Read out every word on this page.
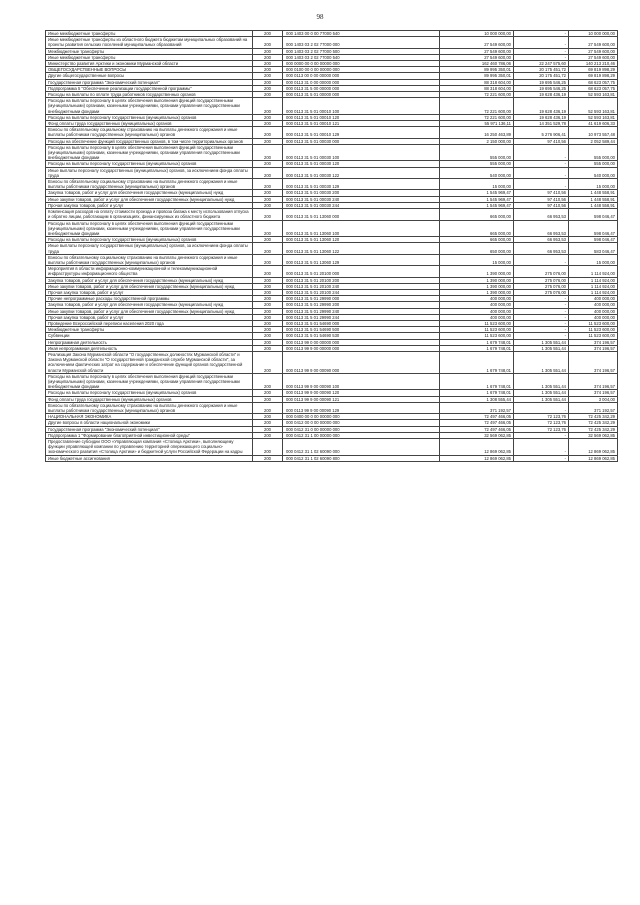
98
Иные межбюджетные трансферты	200	000 1403 00 0 00 77000 540	10 000 000,00	-	10 000 000,00
Иные межбюджетные трансферты из областного бюджета бюджетам муниципальных образований на проекты развития сельских поселений муниципальных образований	200	000 1403 03 2 02 77000 000	27 549 600,00	-	27 549 600,00
Межбюджетные трансферты	200	000 1403 03 2 02 77000 500	27 549 600,00	-	27 549 600,00
Иные межбюджетные трансферты	200	000 1403 03 2 02 77000 540	27 549 600,00	-	27 549 600,00
Министерство развития Арктики и экономики Мурманской области	200	000 0000 00 0 00 00000 000	162 460 786,06	22 247 575,60	140 213 210,46
ОБЩЕГОСУДАРСТВЕННЫЕ ВОПРОСЫ	200	000 0100 00 0 00 00000 000	89 995 350,01	20 175 451,72	69 819 898,29
Другие общегосударственные вопросы	200	000 0113 00 0 00 00000 000	89 995 350,01	20 175 451,72	69 819 898,29
Государственная программа "Экономический потенциал"	200	000 0113 31 0 00 00000 000	88 318 604,00	19 695 546,25	68 623 057,75
Подпрограмма 5 "Обеспечение реализации государственной программы"	200	000 0113 31 5 00 00000 000	88 318 604,00	19 695 546,25	68 623 057,75
Расходы на выплаты по оплате труда работников государственных органов	200	000 0113 31 5 01 00000 000	72 221 600,00	19 628 436,19	52 593 163,81
Расходы на выплаты персоналу в целях обеспечения выполнения функций государственными (муниципальными) органами, казенными учреждениями, органами управления государственными внебюджетными фондами	200	000 0113 31 5 01 00010 100	72 221 600,00	19 628 436,19	52 593 163,81
Расходы на выплаты персоналу государственных (муниципальных) органов	200	000 0113 31 5 01 00010 120	72 221 600,00	19 628 436,19	52 593 163,81
Фонд оплаты труда государственных (муниципальных) органов	200	000 0113 31 5 01 00010 121	55 971 136,11	14 351 529,78	41 619 606,33
Взносы по обязательному социальному страхованию на выплаты денежного содержания и иные выплаты работникам государственных (муниципальных) органов	200	000 0113 31 5 01 00010 129	16 250 463,89	5 276 906,41	10 973 557,48
Расходы на обеспечение функций государственных органов, в том числе территориальных органов	200	000 0113 31 5 01 00030 000	2 150 000,00	97 410,56	2 052 589,44
Расходы на выплаты персоналу в целях обеспечения выполнения функций государственными (муниципальными) органами, казенными учреждениями, органами управления государственными внебюджетными фондами	200	000 0113 31 5 01 00030 100	555 000,00	-	555 000,00
Расходы на выплаты персоналу государственных (муниципальных) органов	200	000 0113 31 5 01 00030 120	555 000,00	-	555 000,00
Иные выплаты персоналу государственных (муниципальных) органов, за исключением фонда оплаты труда	200	000 0113 31 5 01 00030 122	540 000,00	-	540 000,00
Взносы по обязательному социальному страхованию на выплаты денежного содержания и иные выплаты работникам государственных (муниципальных) органов	200	000 0113 31 5 01 00030 129	15 000,00	-	15 000,00
Закупка товаров, работ и услуг для обеспечения государственных (муниципальных) нужд	200	000 0113 31 5 01 00030 200	1 545 969,47	97 410,56	1 448 558,91
Иные закупки товаров, работ и услуг для обеспечения государственных (муниципальных) нужд	200	000 0113 31 5 01 00030 240	1 545 969,47	97 410,56	1 448 558,91
Прочая закупка товаров, работ и услуг	200	000 0113 31 5 01 00030 244	1 545 969,47	97 410,56	1 448 558,91
Компенсация расходов на оплату стоимости проезда и провоза багажа к месту использования отпуска и обратно лицам, работающим в организациях, финансируемых из областного бюджета	200	000 0113 31 5 01 13060 000	665 000,00	66 953,53	598 046,47
Расходы на выплаты персоналу в целях обеспечения выполнения функций государственными (муниципальными) органами, казенными учреждениями, органами управления государственными внебюджетными фондами	200	000 0113 31 5 01 13060 100	665 000,00	66 953,53	598 046,47
Расходы на выплаты персоналу государственных (муниципальных) органов	200	000 0113 31 5 01 13060 120	665 000,00	66 953,53	598 046,47
Иные выплаты персоналу государственных (муниципальных) органов, за исключением фонда оплаты труда	200	000 0113 31 5 01 13060 122	650 000,00	66 953,53	583 046,47
Взносы по обязательному социальному страхованию на выплаты денежного содержания и иные выплаты работникам государственных (муниципальных) органов	200	000 0113 31 5 01 13060 129	15 000,00	-	15 000,00
Мероприятия в области информационно-коммуникационной и телекоммуникационной инфраструктуры информационного общества	200	000 0113 31 5 01 20100 000	1 390 000,00	275 076,00	1 114 924,00
Закупка товаров, работ и услуг для обеспечения государственных (муниципальных) нужд	200	000 0113 31 5 01 20100 200	1 390 000,00	275 076,00	1 114 924,00
Иные закупки товаров, работ и услуг для обеспечения государственных (муниципальных) нужд	200	000 0113 31 5 01 20100 240	1 390 000,00	275 076,00	1 114 924,00
Прочая закупка товаров, работ и услуг	200	000 0113 31 5 01 20100 244	1 390 000,00	275 076,00	1 114 924,00
Прочие непрограммные расходы государственной программы	200	000 0113 31 5 01 29990 000	400 000,00	-	400 000,00
Закупка товаров, работ и услуг для обеспечения государственных (муниципальных) нужд	200	000 0113 31 5 01 29990 200	400 000,00	-	400 000,00
Иные закупки товаров, работ и услуг для обеспечения государственных (муниципальных) нужд	200	000 0113 31 5 01 29990 240	400 000,00	-	400 000,00
Прочая закупка товаров, работ и услуг	200	000 0113 31 5 01 29990 244	400 000,00	-	400 000,00
Проведение Всероссийской переписи населения 2020 года	200	000 0113 31 5 01 54690 000	11 523 600,00	-	11 523 600,00
Межбюджетные трансферты	200	000 0113 31 5 01 54690 500	11 523 600,00	-	11 523 600,00
Субвенции	200	000 0113 31 5 01 54690 530	11 523 600,00	-	11 523 600,00
Непрограммная деятельность	200	000 0113 99 0 00 00000 000	1 679 748,01	1 305 551,44	374 196,57
Иная непрограммная деятельность	200	000 0113 99 9 00 00000 000	1 679 748,01	1 305 551,44	374 196,57
Реализация Закона Мурманской области "О государственных должностях Мурманской области" и Закона Мурманской области "О государственной гражданской службе Мурманской области", за исключением фактических затрат на содержание и обеспечение функций органов государственной власти Мурманской области	200	000 0113 99 9 00 00090 000	1 679 748,01	1 305 551,44	374 196,57
Расходы на выплаты персоналу в целях обеспечения выполнения функций государственными (муниципальными) органами, казенными учреждениями, органами управления государственными внебюджетными фондами	200	000 0113 99 9 00 00090 100	1 679 748,01	1 305 551,44	374 196,57
Расходы на выплаты персоналу государственных (муниципальных) органов	200	000 0113 99 9 00 00090 120	1 679 748,01	1 305 551,44	374 196,57
Фонд оплаты труда государственных (муниципальных) органов	200	000 0113 99 9 00 00090 121	1 308 555,44	1 305 551,44	3 004,00
Взносы по обязательному социальному страхованию на выплаты денежного содержания и иные выплаты работникам государственных (муниципальных) органов	200	000 0113 99 9 00 00090 129	371 192,57	-	371 192,57
НАЦИОНАЛЬНАЯ ЭКОНОМИКА	200	000 0400 00 0 00 00000 000	72 497 466,05	72 123,76	72 425 342,29
Другие вопросы в области национальной экономики	200	000 0412 00 0 00 00000 000	72 497 466,05	72 123,76	72 425 342,29
Государственная программа "Экономический потенциал"	200	000 0412 31 0 00 00000 000	72 497 466,05	72 123,76	72 425 342,29
Подпрограмма 1 "Формирование благоприятной инвестиционной среды"	200	000 0412 31 1 00 00000 000	32 569 062,85	-	32 569 062,85
Предоставление субсидии ООО «Управляющая компания «Столица Арктики», выполняющему функции управляющей компании по управлению территорией опережающего социально-экономического развития «Столица Арктики» и бюджетной услуги Российской Федерации на кадры	200	000 0412 31 1 02 60090 000	12 869 062,85	-	12 869 062,85
Иные бюджетные ассигнования	200	000 0412 31 1 02 60090 800	12 869 062,85	-	12 869 062,85
